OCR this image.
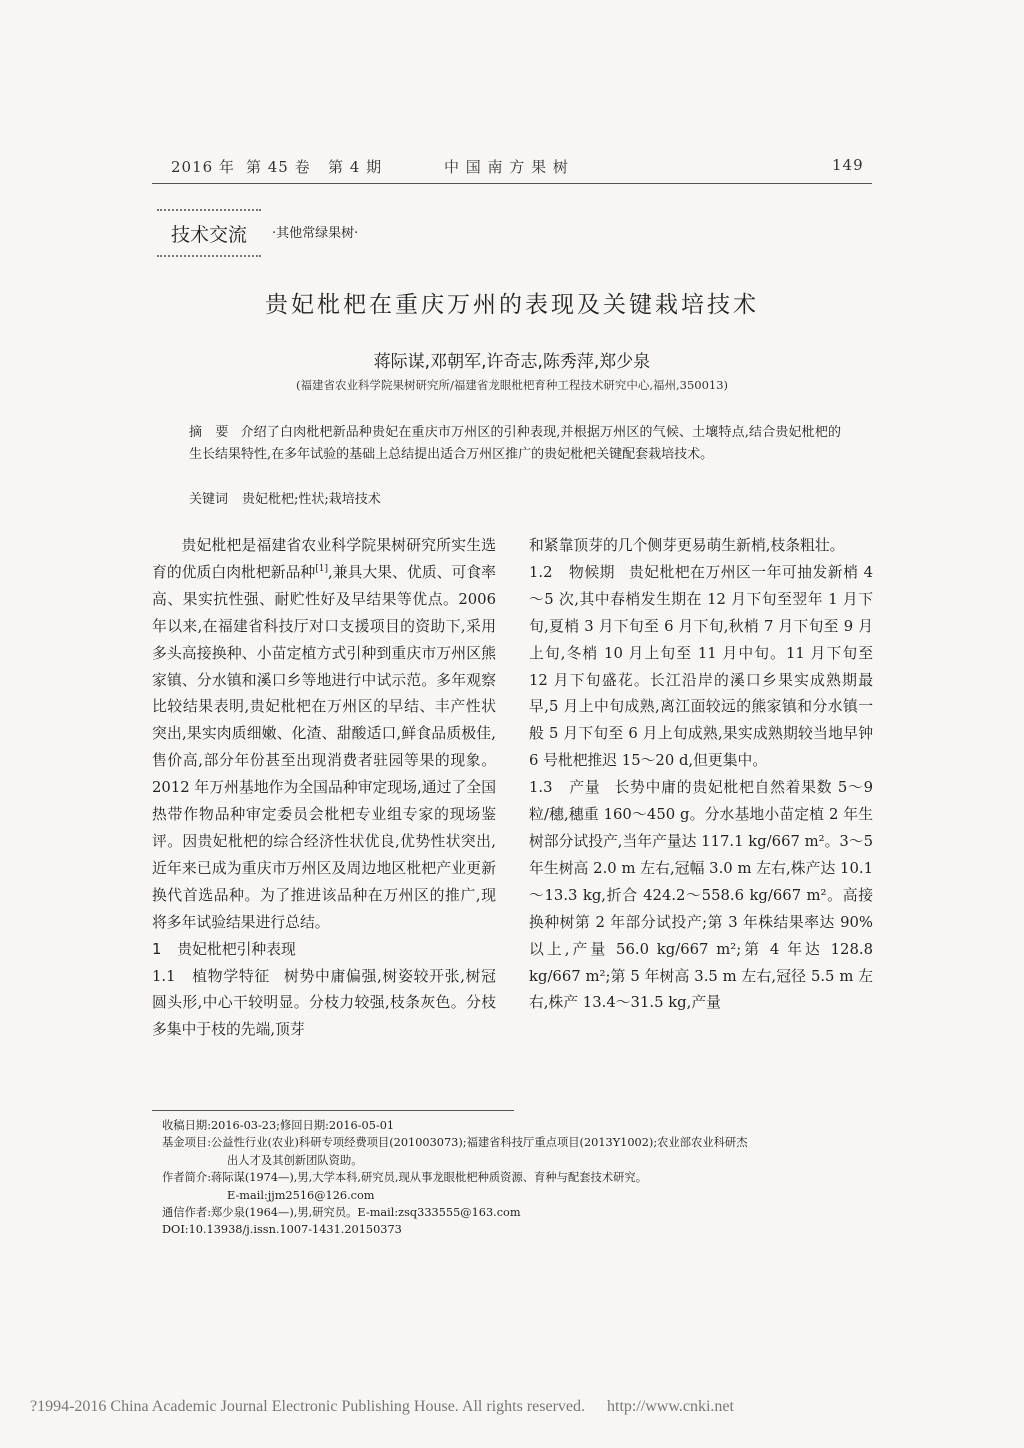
2016 年 第 45 卷 第 4 期	中 国 南 方 果 树	149
技术交流 ·其他常绿果树·
贵妃枇杷在重庆万州的表现及关键栽培技术
蒋际谋,邓朝军,许奇志,陈秀萍,郑少泉
(福建省农业科学院果树研究所/福建省龙眼枇杷育种工程技术研究中心,福州,350013)
摘　要 介绍了白肉枇杷新品种贵妃在重庆市万州区的引种表现,并根据万州区的气候、土壤特点,结合贵妃枇杷的生长结果特性,在多年试验的基础上总结提出适合万州区推广的贵妃枇杷关键配套栽培技术。
关键词 贵妃枇杷;性状;栽培技术

贵妃枇杷是福建省农业科学院果树研究所实生选育的优质白肉枇杷新品种[1],兼具大果、优质、可食率高、果实抗性强、耐贮性好及早结果等优点。2006 年以来,在福建省科技厅对口支援项目的资助下,采用多头高接换种、小苗定植方式引种到重庆市万州区熊家镇、分水镇和溪口乡等地进行中试示范。多年观察比较结果表明,贵妃枇杷在万州区的早结、丰产性状突出,果实肉质细嫩、化渣、甜酸适口,鲜食品质极佳,售价高,部分年份甚至出现消费者驻园等果的现象。2012 年万州基地作为全国品种审定现场,通过了全国热带作物品种审定委员会枇杷专业组专家的现场鉴评。因贵妃枇杷的综合经济性状优良,优势性状突出,近年来已成为重庆市万州区及周边地区枇杷产业更新换代首选品种。为了推进该品种在万州区的推广,现将多年试验结果进行总结。

1 贵妃枇杷引种表现

1.1 植物学特征 树势中庸偏强,树姿较开张,树冠圆头形,中心干较明显。分枝力较强,枝条灰色。分枝多集中于枝的先端,顶芽

和紧靠顶芽的几个侧芽更易萌生新梢,枝条粗壮。

1.2 物候期 贵妃枇杷在万州区一年可抽发新梢 4～5 次,其中春梢发生期在 12 月下旬至翌年 1 月下旬,夏梢 3 月下旬至 6 月下旬,秋梢 7 月下旬至 9 月上旬,冬梢 10 月上旬至 11 月中旬。11 月下旬至 12 月下旬盛花。长江沿岸的溪口乡果实成熟期最早,5 月上中旬成熟,离江面较远的熊家镇和分水镇一般 5 月下旬至 6 月上旬成熟,果实成熟期较当地早钟 6 号枇杷推迟 15～20 d,但更集中。

1.3 产量 长势中庸的贵妃枇杷自然着果数 5～9 粒/穗,穗重 160～450 g。分水基地小苗定植 2 年生树部分试投产,当年产量达 117.1 kg/667 m²。3～5 年生树高 2.0 m 左右,冠幅 3.0 m 左右,株产达 10.1～13.3 kg,折合 424.2～558.6 kg/667 m²。高接换种树第 2 年部分试投产;第 3 年株结果率达 90%以上,产量 56.0 kg/667 m²;第 4 年达 128.8 kg/667 m²;第 5 年树高 3.5 m 左右,冠径 5.5 m 左右,株产 13.4～31.5 kg,产量

收稿日期: 2016-03-23;修回日期:2016-05-01
基金项目: 公益性行业(农业)科研专项经费项目(201003073);福建省科技厅重点项目(2013Y1002);农业部农业科研杰
出人才及其创新团队资助。
作者简介: 蒋际谋(1974—),男,大学本科,研究员,现从事龙眼枇杷种质资源、育种与配套技术研究。
E-mail:jjm2516@126.com
通信作者: 郑少泉(1964—),男,研究员。E-mail:zsq333555@163.com
DOI:10.13938/j.issn.1007-1431.20150373
?1994-2016 China Academic Journal Electronic Publishing House. All rights reserved. http://www.cnki.net
